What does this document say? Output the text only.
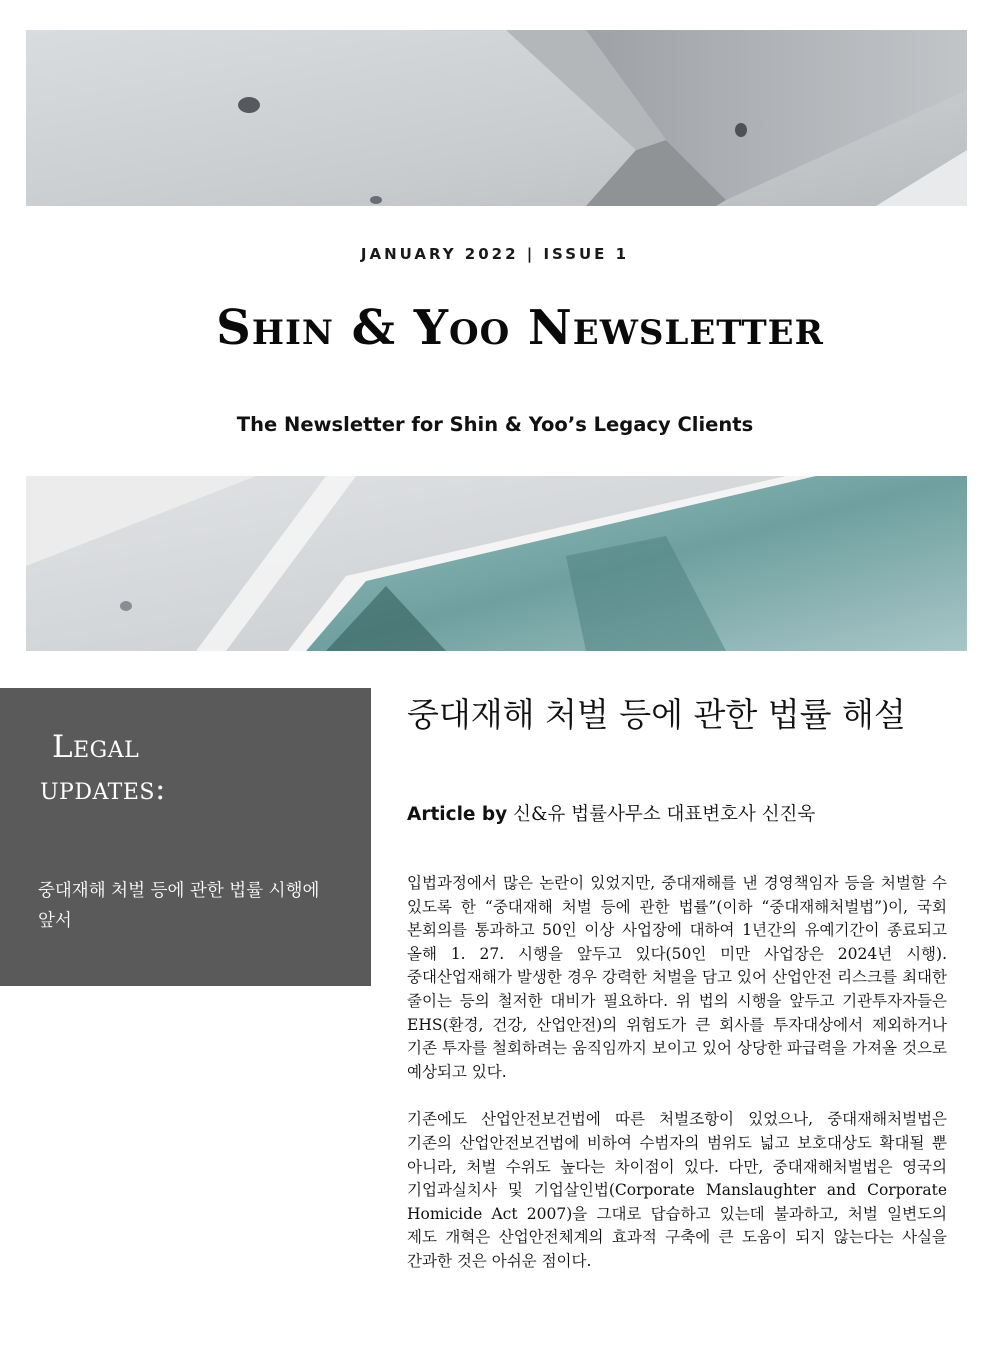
JANUARY 2022 | ISSUE 1
Shin & Yoo Newsletter
The Newsletter for Shin & Yoo’s Legacy Clients
Legal
updates:
중대재해 처벌 등에 관한 법률 시행에 앞서
중대재해 처벌 등에 관한 법률 해설
Article by 신&유 법률사무소 대표변호사 신진욱

입법과정에서 많은 논란이 있었지만, 중대재해를 낸 경영책임자 등을 처벌할 수 있도록 한 “중대재해 처벌 등에 관한 법률”(이하 “중대재해처벌법”)이, 국회 본회의를 통과하고 50인 이상 사업장에 대하여 1년간의 유예기간이 종료되고 올해 1. 27. 시행을 앞두고 있다(50인 미만 사업장은 2024년 시행). 중대산업재해가 발생한 경우 강력한 처벌을 담고 있어 산업안전 리스크를 최대한 줄이는 등의 철저한 대비가 필요하다. 위 법의 시행을 앞두고 기관투자자들은 EHS(환경, 건강, 산업안전)의 위험도가 큰 회사를 투자대상에서 제외하거나 기존 투자를 철회하려는 움직임까지 보이고 있어 상당한 파급력을 가져올 것으로 예상되고 있다.

기존에도 산업안전보건법에 따른 처벌조항이 있었으나, 중대재해처벌법은 기존의 산업안전보건법에 비하여 수범자의 범위도 넓고 보호대상도 확대될 뿐 아니라, 처벌 수위도 높다는 차이점이 있다. 다만, 중대재해처벌법은 영국의 기업과실치사 및 기업살인법(Corporate Manslaughter and Corporate Homicide Act 2007)을 그대로 답습하고 있는데 불과하고, 처벌 일변도의 제도 개혁은 산업안전체계의 효과적 구축에 큰 도움이 되지 않는다는 사실을 간과한 것은 아쉬운 점이다.
